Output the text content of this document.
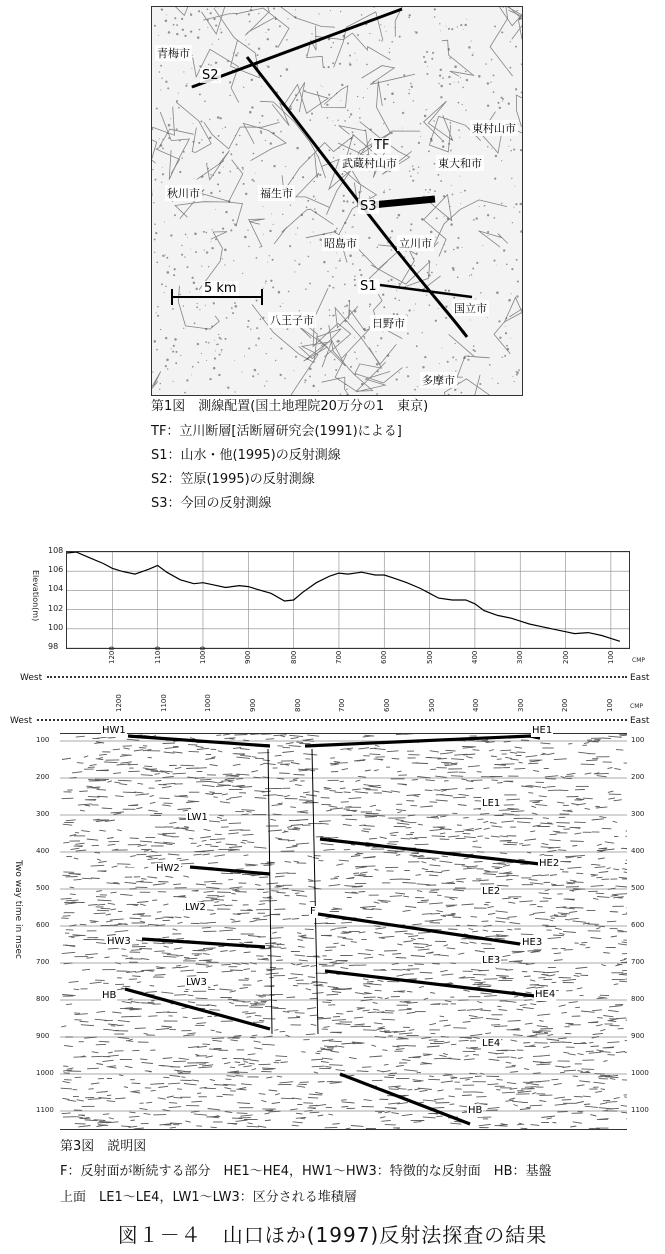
S2
S3
S1
TF
5 km
昭島市	立川市
国立市
日野市
八王子市
東大和市
武蔵村山市
秋川市	福生市
青梅市
東村山市
多摩市
第1図　測線配置(国土地理院20万分の1　東京)
TF：立川断層[活断層研究会(1991)による]
S1：山水・他(1995)の反射測線
S2：笠原(1995)の反射測線
S3：今回の反射測線
108
106
104
102
100
98
Elevation(m)
1200	1100	1000	900	800	700	600	500	400	300	200	100	CMP
West	East
1200	1100	1000	900	800	700	600	500	400	300	200	100	CMP
West	East
Two way time in msec
100	100
200	200
300	300
400	400
500	500
600	600
700	700
800	800
900	900
1000	1000
1100	1100
HW1
LW1
HW2
LW2
HW3
LW3
HB
HE1
LE1
HE2
LE2
F
HE3
LE3
HE4
LE4
HB
第3図　説明図
F：反射面が断続する部分　HE1～HE4，HW1～HW3：特徴的な反射面　HB：基盤
上面　LE1～LE4，LW1～LW3：区分される堆積層
図１－４　山口ほか(1997)反射法探査の結果
